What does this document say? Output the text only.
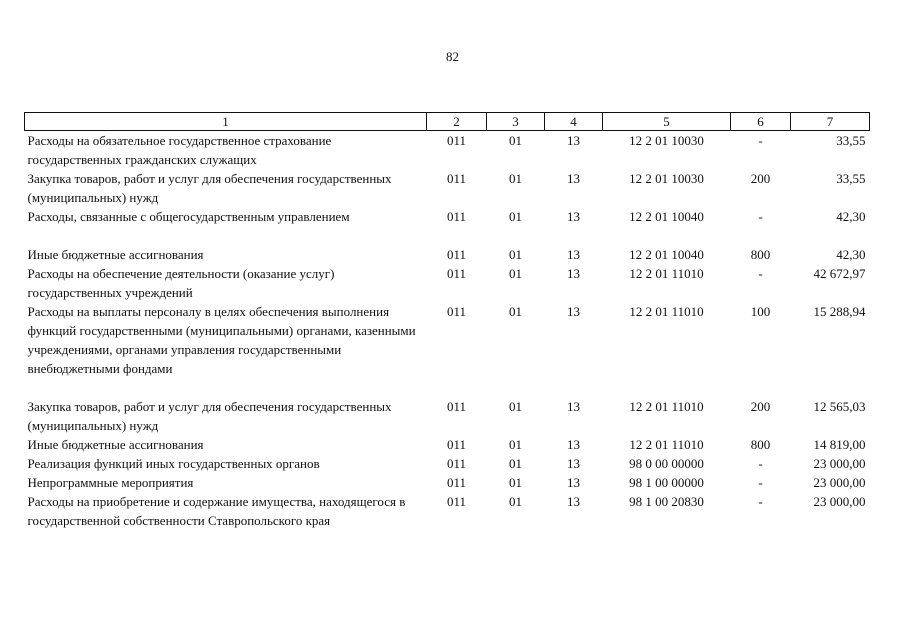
82
1	2	3	4	5	6	7
Расходы на обязательное государственное страхование государственных гражданских служащих	011	01	13	12 2 01 10030	-	33,55
Закупка товаров, работ и услуг для обеспечения государственных (муниципальных) нужд	011	01	13	12 2 01 10030	200	33,55
Расходы, связанные с общегосударственным управлением	011	01	13	12 2 01 10040	-	42,30

Иные бюджетные ассигнования	011	01	13	12 2 01 10040	800	42,30
Расходы на обеспечение деятельности (оказание услуг) государственных учреждений	011	01	13	12 2 01 11010	-	42 672,97
Расходы на выплаты персоналу в целях обеспечения выполнения функций государственными (муниципальными) органами, казенными учреждениями, органами управления государственными внебюджетными фондами	011	01	13	12 2 01 11010	100	15 288,94

Закупка товаров, работ и услуг для обеспечения государственных (муниципальных) нужд	011	01	13	12 2 01 11010	200	12 565,03
Иные бюджетные ассигнования	011	01	13	12 2 01 11010	800	14 819,00
Реализация функций иных государственных органов	011	01	13	98 0 00 00000	-	23 000,00
Непрограммные мероприятия	011	01	13	98 1 00 00000	-	23 000,00
Расходы на приобретение и содержание имущества, находящегося в государственной собственности Ставропольского края	011	01	13	98 1 00 20830	-	23 000,00
